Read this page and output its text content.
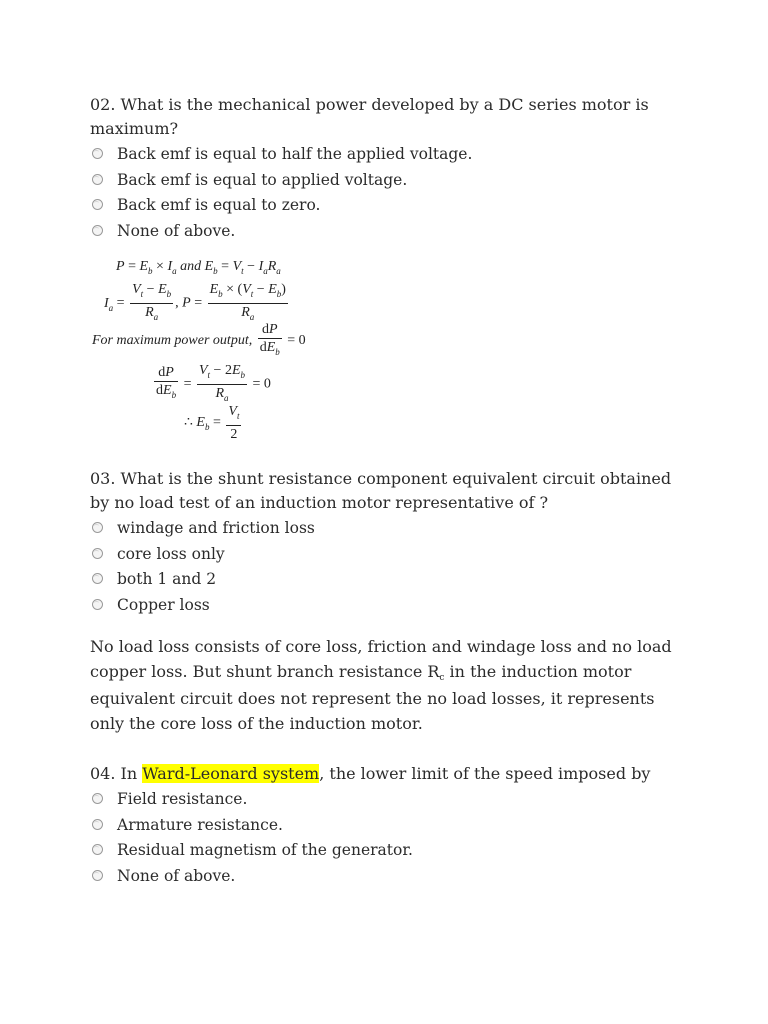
02. What is the mechanical power developed by a DC series motor is maximum?
Back emf is equal to half the applied voltage.
Back emf is equal to applied voltage.
Back emf is equal to zero.
None of above.
$P = E_b \times I_a$ and $E_b = V_t - I_aR_a$
$I_a = \frac{V_t - E_b}{R_a}$ , $P = \frac{E_b \times (V_t - E_b)}{R_a}$
For maximum power output, $\frac{dP}{dE_b} = 0$
$\frac{dP}{dE_b} = \frac{V_t - 2E_b}{R_a} = 0$
∴ $E_b = \frac{V_t}{2}$
03. What is the shunt resistance component equivalent circuit obtained by no load test of an induction motor representative of ?
windage and friction loss
core loss only
both 1 and 2
Copper loss
No load loss consists of core loss, friction and windage loss and no load copper loss. But shunt branch resistance Rc in the induction motor equivalent circuit does not represent the no load losses, it represents only the core loss of the induction motor.
04. In Ward-Leonard system, the lower limit of the speed imposed by
Field resistance.
Armature resistance.
Residual magnetism of the generator.
None of above.
